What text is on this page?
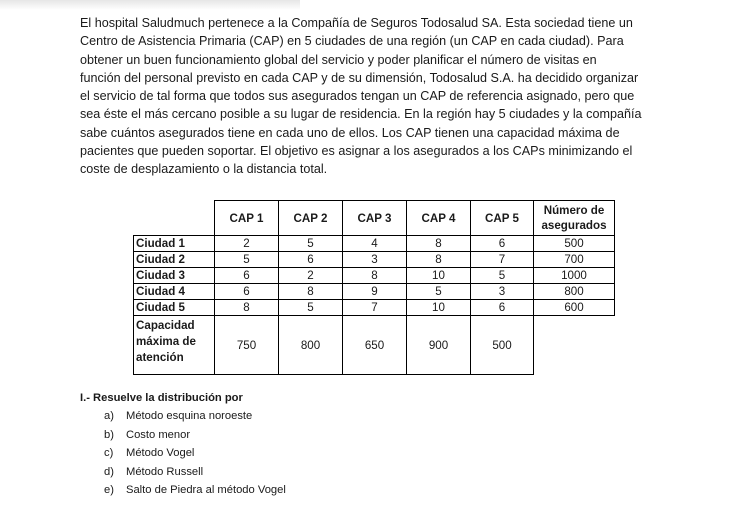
El hospital Saludmuch pertenece a la Compañía de Seguros Todosalud SA. Esta sociedad tiene un
Centro de Asistencia Primaria (CAP) en 5 ciudades de una región (un CAP en cada ciudad). Para
obtener un buen funcionamiento global del servicio y poder planificar el número de visitas en
función del personal previsto en cada CAP y de su dimensión, Todosalud S.A. ha decidido organizar
el servicio de tal forma que todos sus asegurados tengan un CAP de referencia asignado, pero que
sea éste el más cercano posible a su lugar de residencia. En la región hay 5 ciudades y la compañía
sabe cuántos asegurados tiene en cada uno de ellos. Los CAP tienen una capacidad máxima de
pacientes que pueden soportar. El objetivo es asignar a los asegurados a los CAPs minimizando el
coste de desplazamiento o la distancia total.
	CAP 1	CAP 2	CAP 3	CAP 4	CAP 5	Número de asegurados
Ciudad 1	2	5	4	8	6	500
Ciudad 2	5	6	3	8	7	700
Ciudad 3	6	2	8	10	5	1000
Ciudad 4	6	8	9	5	3	800
Ciudad 5	8	5	7	10	6	600

Capacidad
máxima de
atención	750	800	650	900	500	

I.- Resuelve la distribución por

a) Método esquina noroeste
b) Costo menor
c) Método Vogel
d) Método Russell
e) Salto de Piedra al método Vogel
